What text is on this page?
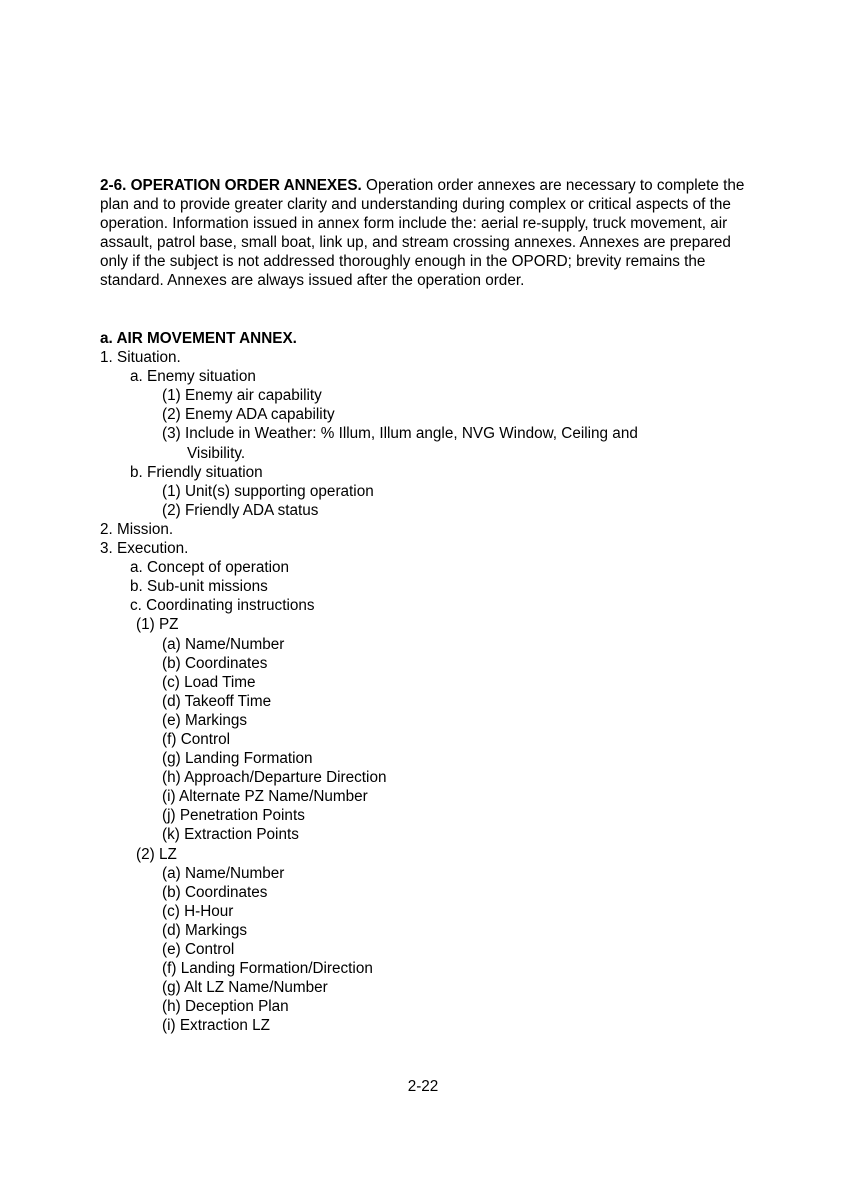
2-6. OPERATION ORDER ANNEXES. Operation order annexes are necessary to complete the plan and to provide greater clarity and understanding during complex or critical aspects of the operation. Information issued in annex form include the: aerial re-supply, truck movement, air assault, patrol base, small boat, link up, and stream crossing annexes. Annexes are prepared only if the subject is not addressed thoroughly enough in the OPORD; brevity remains the standard. Annexes are always issued after the operation order.

a. AIR MOVEMENT ANNEX.
1. Situation.
a. Enemy situation
(1) Enemy air capability
(2) Enemy ADA capability
(3) Include in Weather: % Illum, Illum angle, NVG Window, Ceiling and
Visibility.
b. Friendly situation
(1) Unit(s) supporting operation
(2) Friendly ADA status
2. Mission.
3. Execution.
a. Concept of operation
b. Sub-unit missions
c. Coordinating instructions
(1) PZ
(a) Name/Number
(b) Coordinates
(c) Load Time
(d) Takeoff Time
(e) Markings
(f) Control
(g) Landing Formation
(h) Approach/Departure Direction
(i) Alternate PZ Name/Number
(j) Penetration Points
(k) Extraction Points
(2) LZ
(a) Name/Number
(b) Coordinates
(c) H-Hour
(d) Markings
(e) Control
(f) Landing Formation/Direction
(g) Alt LZ Name/Number
(h) Deception Plan
(i) Extraction LZ
2-22
